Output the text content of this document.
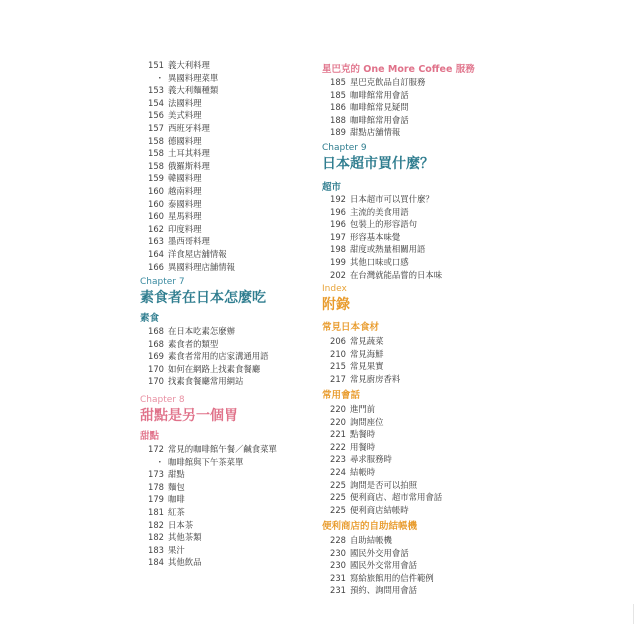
151 義大利料理
・ 異國料理菜單
153 義大利麵種類
154 法國料理
156 美式料理
157 西班牙料理
158 德國料理
158 土耳其料理
158 俄羅斯料理
159 韓國料理
160 越南料理
160 泰國料理
160 星馬料理
162 印度料理
163 墨西哥料理
164 洋食屋店舖情報
166 異國料理店舖情報
Chapter 7
素食者在日本怎麼吃
素食
168 在日本吃素怎麼辦
168 素食者的類型
169 素食者常用的店家溝通用語
170 如何在網路上找素食餐廳
170 找素食餐廳常用網站
Chapter 8
甜點是另一個胃
甜點
172 常見的咖啡館午餐／鹹食菜單
・ 咖啡館與下午茶菜單
173 甜點
178 麵包
179 咖啡
181 紅茶
182 日本茶
182 其他茶類
183 果汁
184 其他飲品
星巴克的 One More Coffee 服務
185 星巴克飲品自訂服務
185 咖啡館常用會話
186 咖啡館常見疑問
188 咖啡館常用會話
189 甜點店舖情報
Chapter 9
日本超市買什麼？
超市
192 日本超市可以買什麼？
196 主流的美食用語
196 包裝上的形容語句
197 形容基本味覺
198 甜度或熱量相關用語
199 其他口味或口感
202 在台灣就能品嘗的日本味
Index
附錄
常見日本食材
206 常見蔬菜
210 常見海鮮
215 常見果實
217 常見廚房香料
常用會話
220 進門前
220 詢問座位
221 點餐時
222 用餐時
223 尋求服務時
224 結帳時
225 詢問是否可以拍照
225 便利商店、超市常用會話
225 便利商店結帳時
便利商店的自助結帳機
228 自助結帳機
230 國民外交用會話
230 國民外交常用會話
231 寫給旅館用的信件範例
231 預約、詢問用會話
